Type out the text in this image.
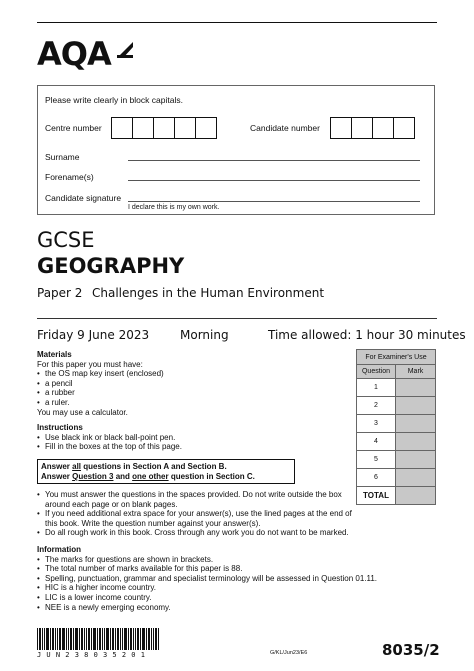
AQA
Please write clearly in block capitals.
Centre number	Candidate number
Surname
Forename(s)
Candidate signature
I declare this is my own work.
GCSE
GEOGRAPHY
Paper 2 Challenges in the Human Environment
Friday 9 June 2023	Morning	Time allowed: 1 hour 30 minutes
Materials
For this paper you must have:
• the OS map key insert (enclosed)
• a pencil
• a rubber
• a ruler.
You may use a calculator.
Instructions
• Use black ink or black ball-point pen.
• Fill in the boxes at the top of this page.
Answer all questions in Section A and Section B.
Answer Question 3 and one other question in Section C.
• You must answer the questions in the spaces provided. Do not write outside the box around each page or on blank pages.
• If you need additional extra space for your answer(s), use the lined pages at the end of this book. Write the question number against your answer(s).
• Do all rough work in this book. Cross through any work you do not want to be marked.
Information
• The marks for questions are shown in brackets.
• The total number of marks available for this paper is 88.
• Spelling, punctuation, grammar and specialist terminology will be assessed in Question 01.11.
• HIC is a higher income country.
• LIC is a lower income country.
• NEE is a newly emerging economy.
For Examiner's Use	
Question	Mark
1	
2	
3	
4	
5	
6	
TOTAL	
J U N 2 3 8 0 3 5 2 0 1	G/KL/Jun23/E6	8035/2
